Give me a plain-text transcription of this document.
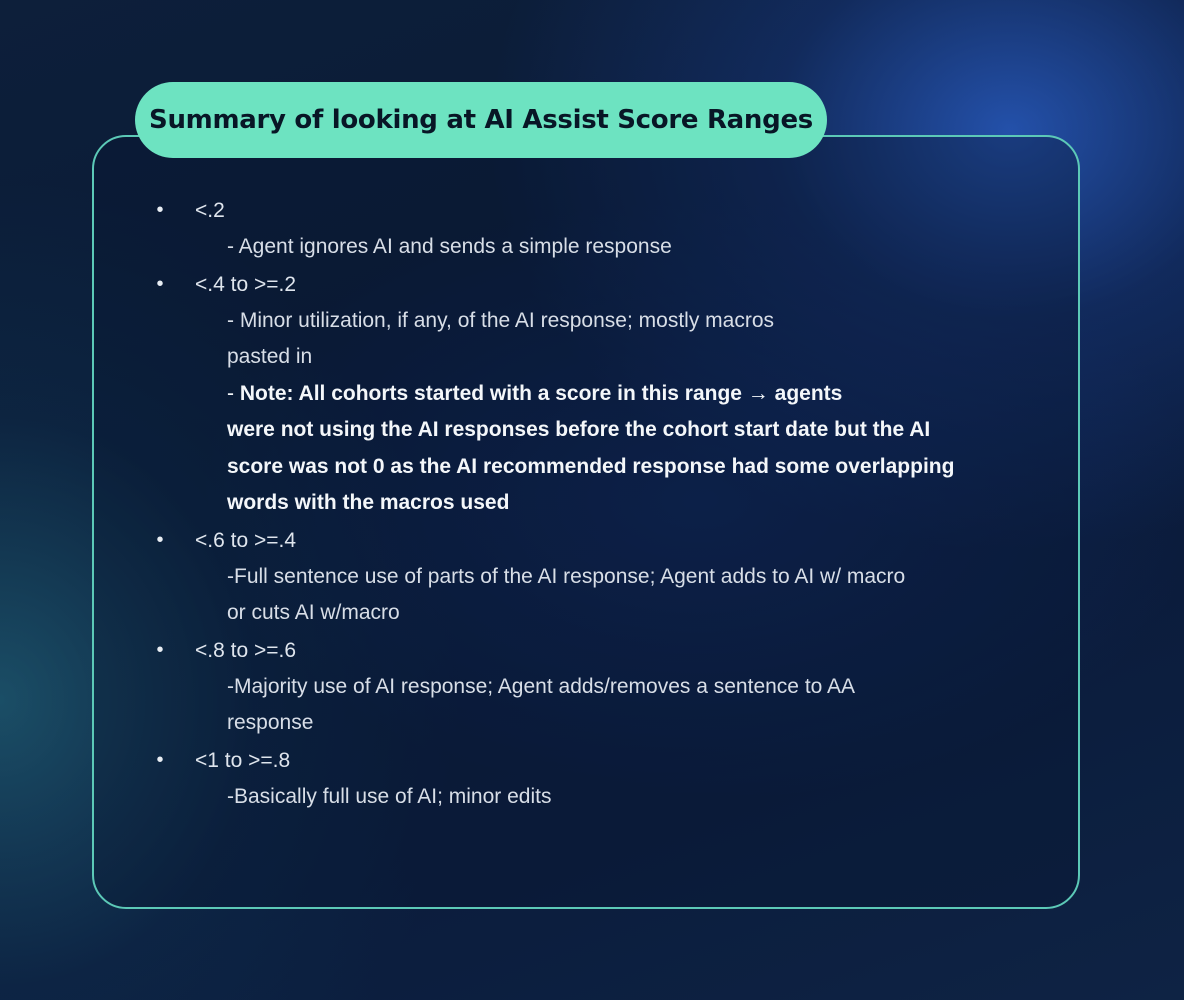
Summary of looking at AI Assist Score Ranges
• <.2
- Agent ignores AI and sends a simple response
• <.4 to >=.2
- Minor utilization, if any, of the AI response; mostly macros
pasted in
- Note: All cohorts started with a score in this range → agents
were not using the AI responses before the cohort start date but the AI
score was not 0 as the AI recommended response had some overlapping
words with the macros used
• <.6 to >=.4
-Full sentence use of parts of the AI response; Agent adds to AI w/ macro
or cuts AI w/macro
• <.8 to >=.6
-Majority use of AI response; Agent adds/removes a sentence to AA
response
• <1 to >=.8
-Basically full use of AI; minor edits
